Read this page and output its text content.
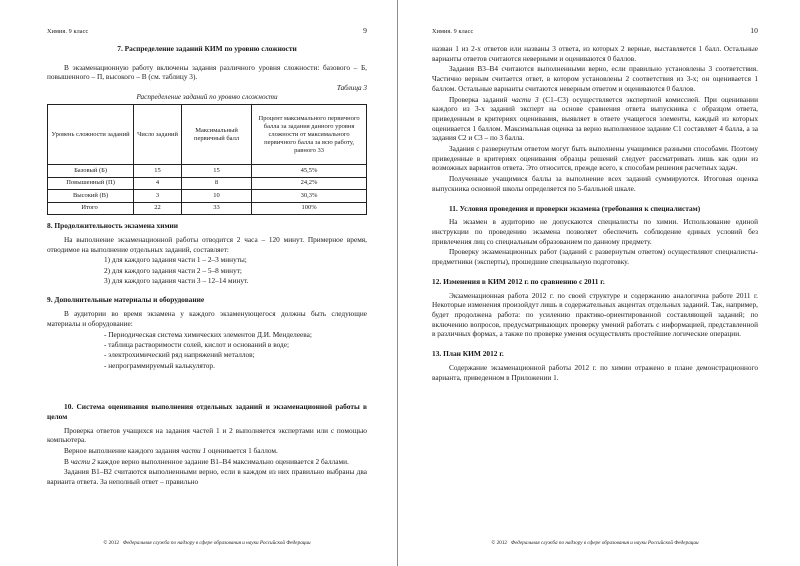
Химия. 9 класс	9
7. Распределение заданий КИМ по уровню сложности

В экзаменационную работу включены задания различного уровня сложности: базового – Б, повышенного – П, высокого – В (см. таблицу 3).

Таблица 3
Распределение заданий по уровню сложности
Уровень сложности заданий	Число заданий	Максимальный первичный балл	Процент максимального первичного балла за задания данного уровня сложности от максимального первичного балла за всю работу, равного 33
Базовый (Б)	15	15	45,5%
Повышенный (П)	4	8	24,2%
Высокий (В)	3	10	30,3%
Итого	22	33	100%
8. Продолжительность экзамена химии

На выполнение экзаменационной работы отводится 2 часа – 120 минут. Примерное время, отводимое на выполнение отдельных заданий, составляет:

1) для каждого задания части 1 – 2–3 минуты;
2) для каждого задания части 2 – 5–8 минут;
3) для каждого задания части 3 – 12–14 минут.
9. Дополнительные материалы и оборудование

В аудитории во время экзамена у каждого экзаменующегося должны быть следующие материалы и оборудование:

- Периодическая система химических элементов Д.И. Менделеева;
- таблица растворимости солей, кислот и оснований в воде;
- электрохимический ряд напряжений металлов;
- непрограммируемый калькулятор.
10. Система оценивания выполнения отдельных заданий и экзаменационной работы в целом

Проверка ответов учащихся на задания частей 1 и 2 выполняется экспертами или с помощью компьютера.

Верное выполнение каждого задания части 1 оценивается 1 баллом.

В части 2 каждое верно выполненное задание В1–В4 максимально оценивается 2 баллами.

Задания В1–В2 считаются выполненными верно, если в каждом из них правильно выбраны два варианта ответа. За неполный ответ – правильно

© 2012 Федеральная служба по надзору в сфере образования и науки Российской Федерации
Химия. 9 класс	10

назван 1 из 2-х ответов или названы 3 ответа, из которых 2 верные, выставляется 1 балл. Остальные варианты ответов считаются неверными и оцениваются 0 баллов.

Задания В3–В4 считаются выполненными верно, если правильно установлены 3 соответствия. Частично верным считается ответ, в котором установлены 2 соответствия из 3-х; он оценивается 1 баллом. Остальные варианты считаются неверным ответом и оцениваются 0 баллов.

Проверка заданий части 3 (С1–С3) осуществляется экспертной комиссией. При оценивании каждого из 3-х заданий эксперт на основе сравнения ответа выпускника с образцом ответа, приведенным в критериях оценивания, выявляет в ответе учащегося элементы, каждый из которых оценивается 1 баллом. Максимальная оценка за верно выполненное задание С1 составляет 4 балла, а за задания С2 и С3 – по 3 балла.

Задания с развернутым ответом могут быть выполнены учащимися разными способами. Поэтому приведенные в критериях оценивания образцы решений следует рассматривать лишь как один из возможных вариантов ответа. Это относится, прежде всего, к способам решения расчетных задач.

Полученные учащимися баллы за выполнение всех заданий суммируются. Итоговая оценка выпускника основной школы определяется по 5-балльной шкале.

11. Условия проведения и проверки экзамена (требования к специалистам)

На экзамен в аудиторию не допускаются специалисты по химии. Использование единой инструкции по проведению экзамена позволяет обеспечить соблюдение единых условий без привлечения лиц со специальным образованием по данному предмету.

Проверку экзаменационных работ (заданий с развернутым ответом) осуществляют специалисты-предметники (эксперты), прошедшие специальную подготовку.

12. Изменения в КИМ 2012 г. по сравнению с 2011 г.

Экзаменационная работа 2012 г. по своей структуре и содержанию аналогична работе 2011 г. Некоторые изменения произойдут лишь в содержательных акцентах отдельных заданий. Так, например, будет продолжена работа: по усилению практико-ориентированной составляющей заданий; по включению вопросов, предусматривающих проверку умений работать с информацией, представленной в различных формах, а также по проверке умения осуществлять простейшие логические операции.

13. План КИМ 2012 г.

Содержание экзаменационной работы 2012 г. по химии отражено в плане демонстрационного варианта, приведенном в Приложении 1.

© 2012 Федеральная служба по надзору в сфере образования и науки Российской Федерации
